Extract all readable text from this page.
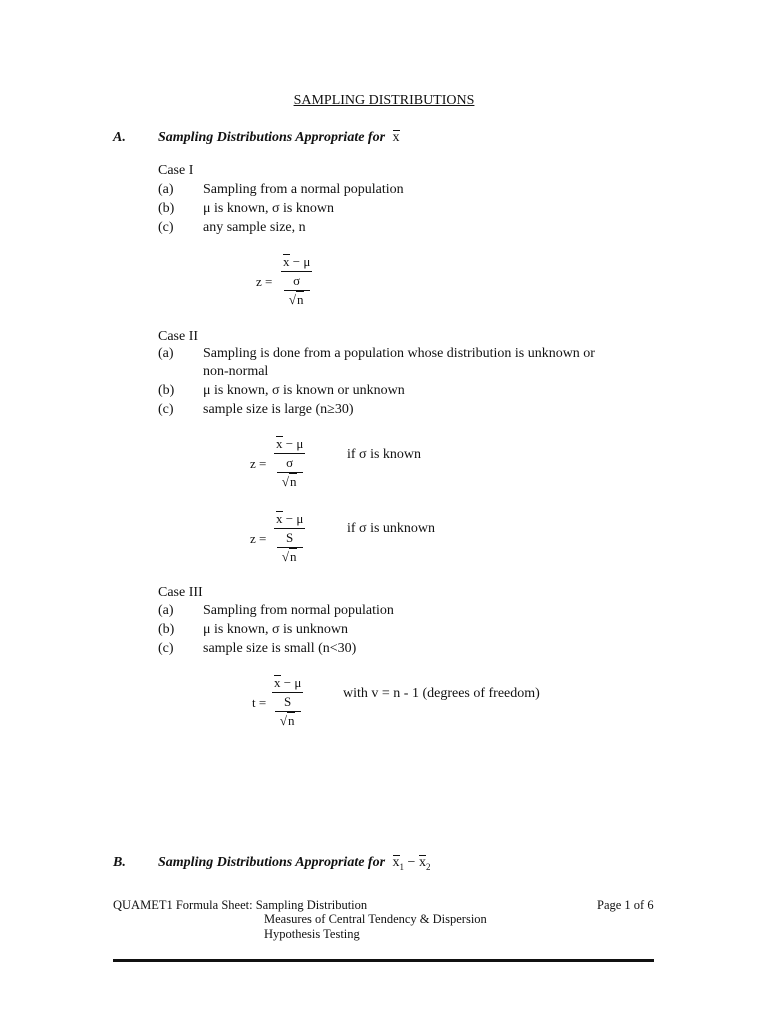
SAMPLING DISTRIBUTIONS
A. Sampling Distributions Appropriate for x
Case I
(a) Sampling from a normal population
(b) μ is known, σ is known
(c) any sample size, n
z = x − μ
σ
√n
Case II
(a) Sampling is done from a population whose distribution is unknown or
non-normal
(b) μ is known, σ is known or unknown
(c) sample size is large (n≥30)
z = x − μ
σ
√n	if σ is known
z = x − μ
S
√n	if σ is unknown
Case III
(a) Sampling from normal population
(b) μ is known, σ is unknown
(c) sample size is small (n<30)
t = x − μ
S
√n	with v = n - 1 (degrees of freedom)
B. Sampling Distributions Appropriate for $x_1 - x_2$
QUAMET1 Formula Sheet: Sampling Distribution
Measures of Central Tendency & Dispersion
Hypothesis Testing
Page 1 of 6
